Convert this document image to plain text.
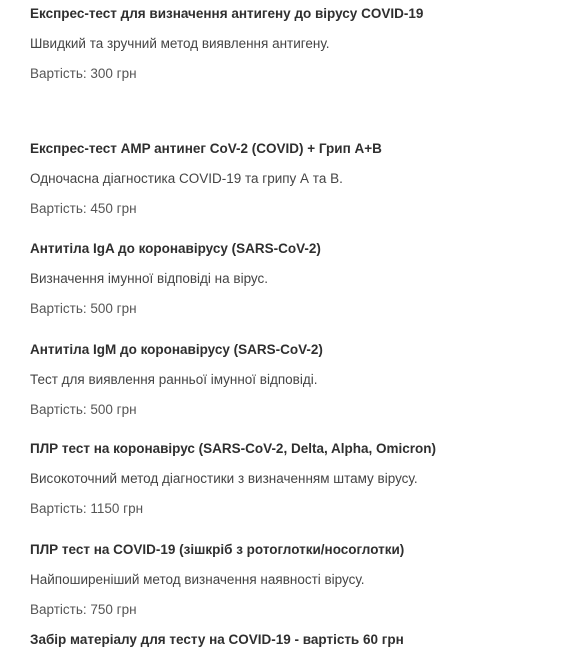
Експрес-тест для визначення антигену до вірусу COVID-19
Швидкий та зручний метод виявлення антигену.
Вартість: 300 грн
Експрес-тест AMP антинег CoV-2 (COVID) + Грип А+В
Одночасна діагностика COVID-19 та грипу А та В.
Вартість: 450 грн
Антитіла IgA до коронавірусу (SARS-CoV-2)
Визначення імунної відповіді на вірус.
Вартість: 500 грн
Антитіла IgM до коронавірусу (SARS-CoV-2)
Тест для виявлення ранньої імунної відповіді.
Вартість: 500 грн
ПЛР тест на коронавірус (SARS-CoV-2, Delta, Alpha, Omicron)
Високоточний метод діагностики з визначенням штаму вірусу.
Вартість: 1150 грн
ПЛР тест на COVID-19 (зішкріб з ротоглотки/носоглотки)
Найпоширеніший метод визначення наявності вірусу.
Вартість: 750 грн
Забір матеріалу для тесту на COVID-19 - вартість 60 грн
